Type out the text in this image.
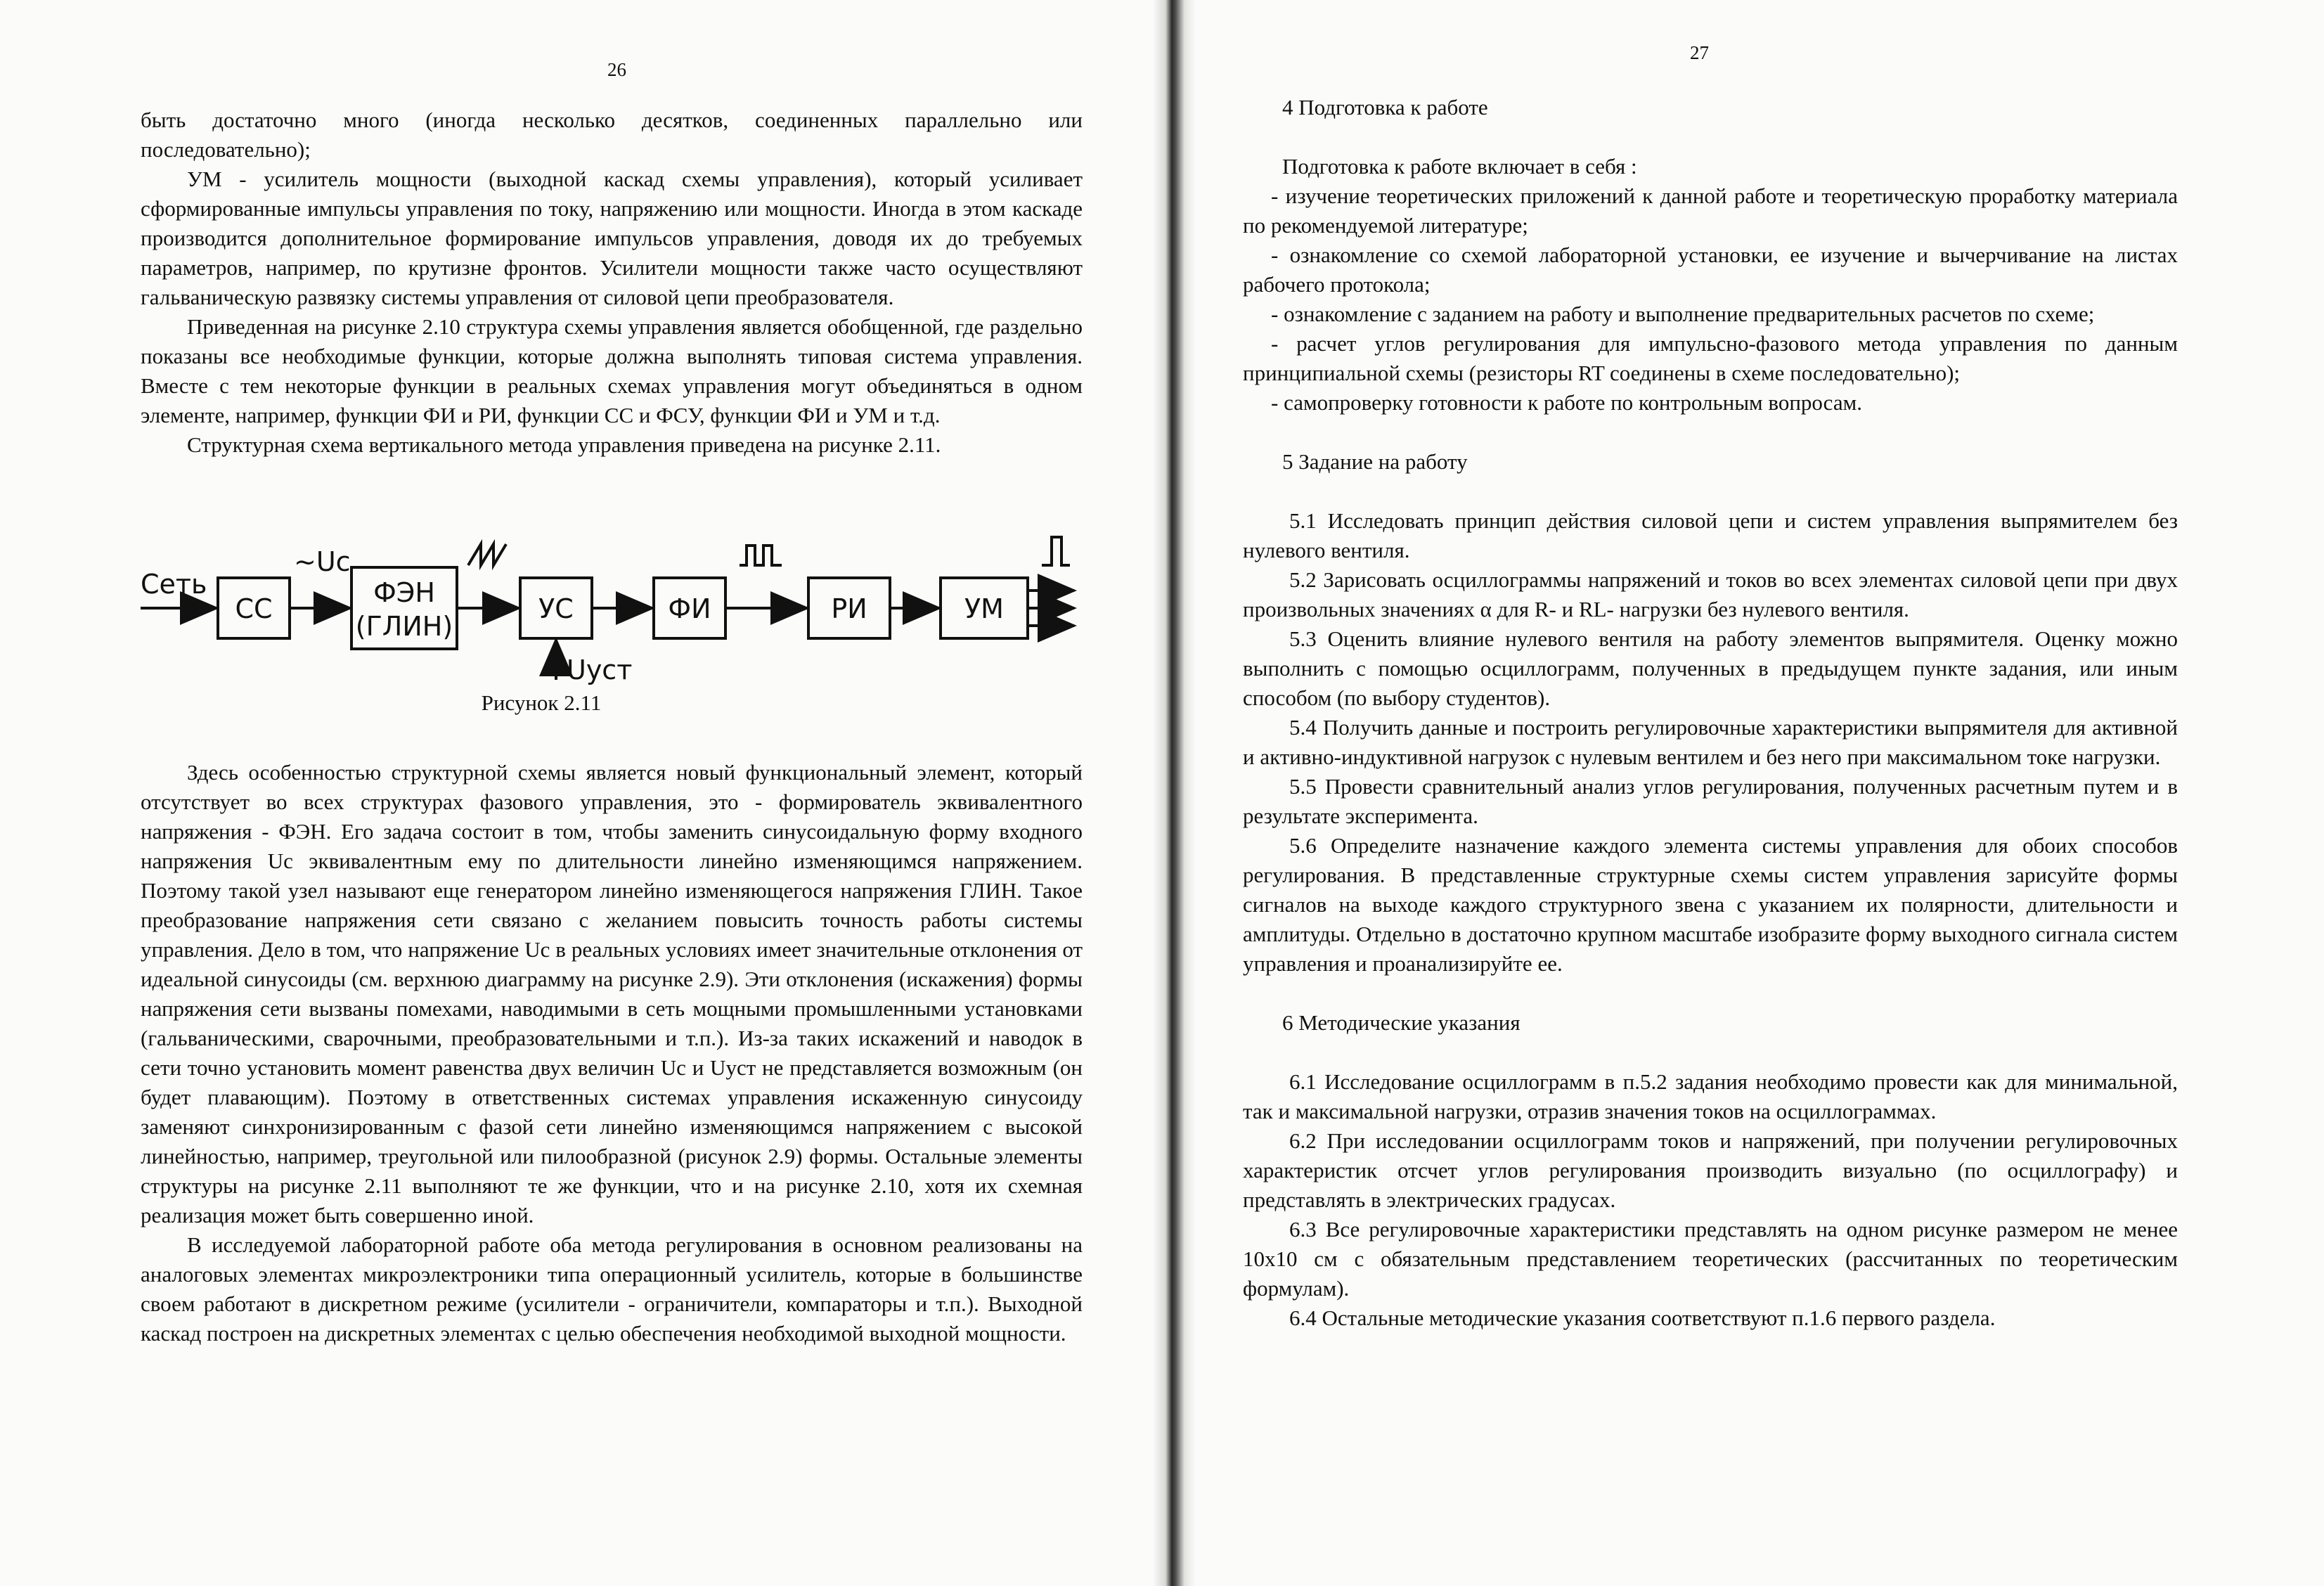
26

быть достаточно много (иногда несколько десятков, соединенных параллельно или последовательно);

УМ - усилитель мощности (выходной каскад схемы управления), который усиливает сформированные импульсы управления по току, напряжению или мощности. Иногда в этом каскаде производится дополнительное формирование импульсов управления, доводя их до требуемых параметров, например, по крутизне фронтов. Усилители мощности также часто осуществляют гальваническую развязку системы управления от силовой цепи преобразователя.

Приведенная на рисунке 2.10 структура схемы управления является обобщенной, где раздельно показаны все необходимые функции, которые должна выполнять типовая система управления. Вместе с тем некоторые функции в реальных схемах управления могут объединяться в одном элементе, например, функции ФИ и РИ, функции СС и ФСУ, функции ФИ и УМ и т.д.

Структурная схема вертикального метода управления приведена на рисунке 2.11.

Сеть
~Uc
СС
ФЭН
(ГЛИН)
УС	ФИ	РИ	УМ
Uуст
Рисунок 2.11

Здесь особенностью структурной схемы является новый функциональный элемент, который отсутствует во всех структурах фазового управления, это - формирователь эквивалентного напряжения - ФЭН. Его задача состоит в том, чтобы заменить синусоидальную форму входного напряжения Uc эквивалентным ему по длительности линейно изменяющимся напряжением. Поэтому такой узел называют еще генератором линейно изменяющегося напряжения ГЛИН. Такое преобразование напряжения сети связано с желанием повысить точность работы системы управления. Дело в том, что напряжение Uc в реальных условиях имеет значительные отклонения от идеальной синусоиды (см. верхнюю диаграмму на рисунке 2.9). Эти отклонения (искажения) формы напряжения сети вызваны помехами, наводимыми в сеть мощными промышленными установками (гальваническими, сварочными, преобразовательными и т.п.). Из-за таких искажений и наводок в сети точно установить момент равенства двух величин Uc и Uуст не представляется возможным (он будет плавающим). Поэтому в ответственных системах управления искаженную синусоиду заменяют синхронизированным с фазой сети линейно изменяющимся напряжением с высокой линейностью, например, треугольной или пилообразной (рисунок 2.9) формы. Остальные элементы структуры на рисунке 2.11 выполняют те же функции, что и на рисунке 2.10, хотя их схемная реализация может быть совершенно иной.

В исследуемой лабораторной работе оба метода регулирования в основном реализованы на аналоговых элементах микроэлектроники типа операционный усилитель, которые в большинстве своем работают в дискретном режиме (усилители - ограничители, компараторы и т.п.). Выходной каскад построен на дискретных элементах с целью обеспечения необходимой выходной мощности.

27

4 Подготовка к работе

Подготовка к работе включает в себя :

- изучение теоретических приложений к данной работе и теоретическую проработку материала по рекомендуемой литературе;

- ознакомление со схемой лабораторной установки, ее изучение и вычерчивание на листах рабочего протокола;

- ознакомление с заданием на работу и выполнение предварительных расчетов по схеме;

- расчет углов регулирования для импульсно-фазового метода управления по данным принципиальной схемы (резисторы RT соединены в схеме последовательно);

- самопроверку готовности к работе по контрольным вопросам.

5 Задание на работу

5.1 Исследовать принцип действия силовой цепи и систем управления выпрямителем без нулевого вентиля.

5.2 Зарисовать осциллограммы напряжений и токов во всех элементах силовой цепи при двух произвольных значениях α для R- и RL- нагрузки без нулевого вентиля.

5.3 Оценить влияние нулевого вентиля на работу элементов выпрямителя. Оценку можно выполнить с помощью осциллограмм, полученных в предыдущем пункте задания, или иным способом (по выбору студентов).

5.4 Получить данные и построить регулировочные характеристики выпрямителя для активной и активно-индуктивной нагрузок с нулевым вентилем и без него при максимальном токе нагрузки.

5.5 Провести сравнительный анализ углов регулирования, полученных расчетным путем и в результате эксперимента.

5.6 Определите назначение каждого элемента системы управления для обоих способов регулирования. В представленные структурные схемы систем управления зарисуйте формы сигналов на выходе каждого структурного звена с указанием их полярности, длительности и амплитуды. Отдельно в достаточно крупном масштабе изобразите форму выходного сигнала систем управления и проанализируйте ее.

6 Методические указания

6.1 Исследование осциллограмм в п.5.2 задания необходимо провести как для минимальной, так и максимальной нагрузки, отразив значения токов на осциллограммах.

6.2 При исследовании осциллограмм токов и напряжений, при получении регулировочных характеристик отсчет углов регулирования производить визуально (по осциллографу) и представлять в электрических градусах.

6.3 Все регулировочные характеристики представлять на одном рисунке размером не менее 10x10 см с обязательным представлением теоретических (рассчитанных по теоретическим формулам).

6.4 Остальные методические указания соответствуют п.1.6 первого раздела.
